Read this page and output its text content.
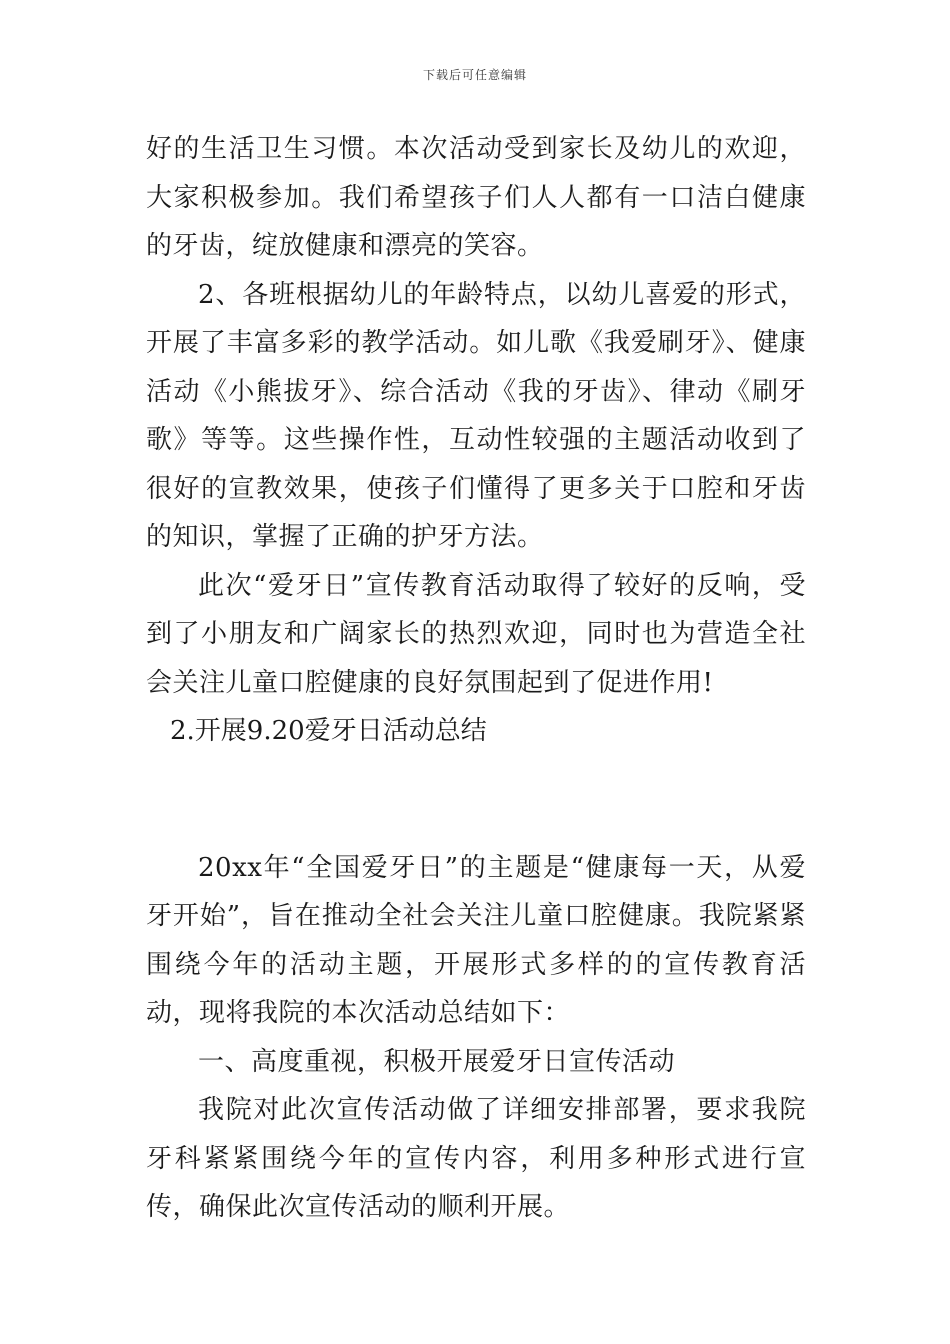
下载后可任意编辑

好的生活卫生习惯。本次活动受到家长及幼儿的欢迎，大家积极参加。我们希望孩子们人人都有一口洁白健康的牙齿，绽放健康和漂亮的笑容。

2、各班根据幼儿的年龄特点，以幼儿喜爱的形式，开展了丰富多彩的教学活动。如儿歌《我爱刷牙》、健康活动《小熊拔牙》、综合活动《我的牙齿》、律动《刷牙歌》等等。这些操作性，互动性较强的主题活动收到了很好的宣教效果，使孩子们懂得了更多关于口腔和牙齿的知识，掌握了正确的护牙方法。

此次“爱牙日”宣传教育活动取得了较好的反响，受到了小朋友和广阔家长的热烈欢迎，同时也为营造全社会关注儿童口腔健康的良好氛围起到了促进作用!

2.开展9.20爱牙日活动总结

20xx年“全国爱牙日”的主题是“健康每一天，从爱牙开始”，旨在推动全社会关注儿童口腔健康。我院紧紧围绕今年的活动主题，开展形式多样的的宣传教育活动，现将我院的本次活动总结如下：

一、高度重视，积极开展爱牙日宣传活动

我院对此次宣传活动做了详细安排部署，要求我院牙科紧紧围绕今年的宣传内容，利用多种形式进行宣传，确保此次宣传活动的顺利开展。
